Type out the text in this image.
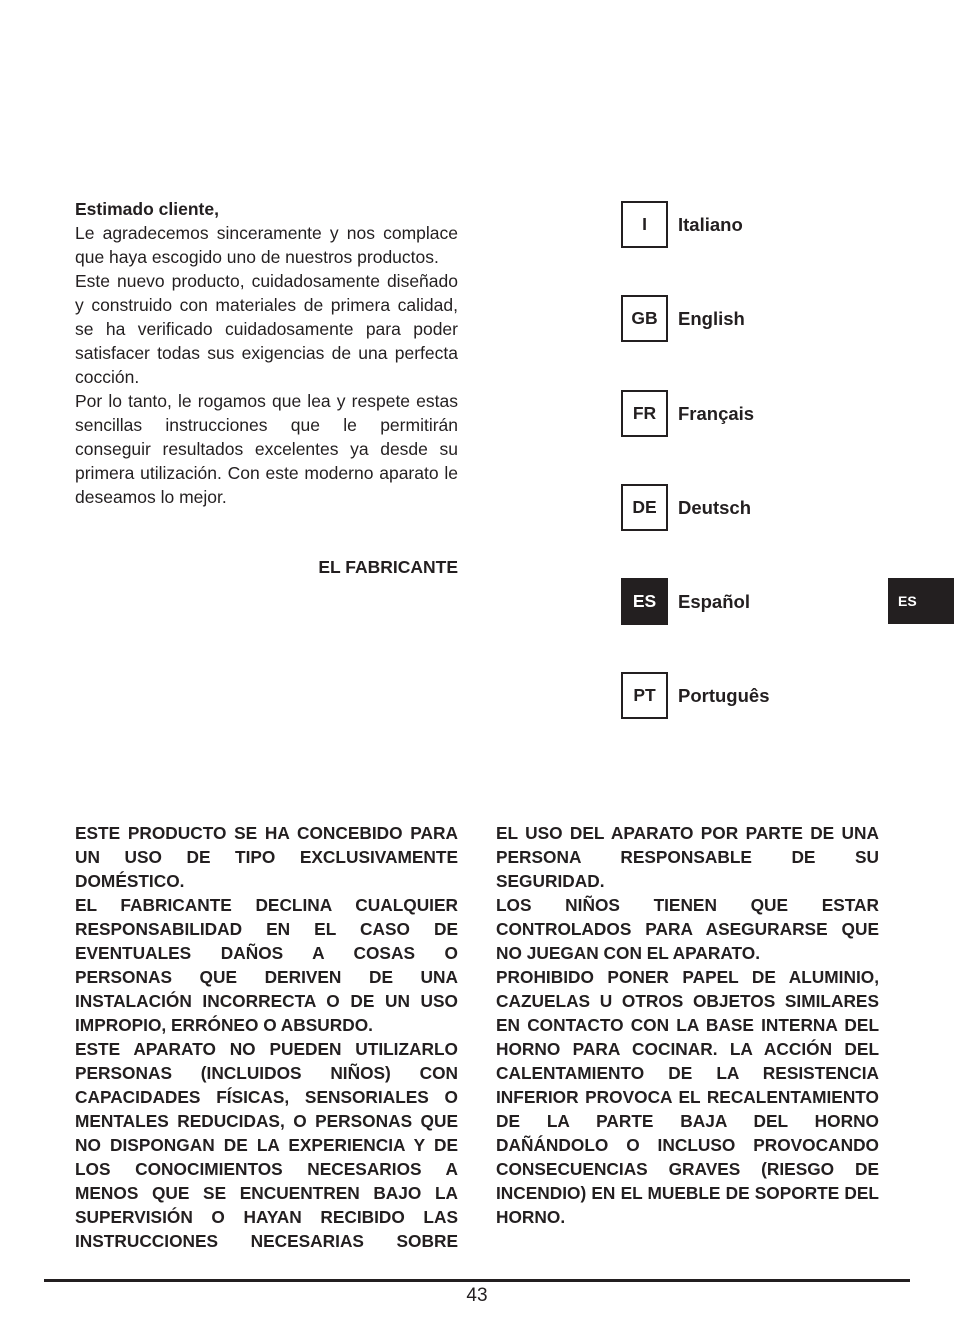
Estimado cliente,

Le agradecemos sinceramente y nos complace que haya escogido uno de nuestros productos.

Este nuevo producto, cuidadosamente diseñado y construido con materiales de primera calidad, se ha verificado cuidadosamente para poder satisfacer todas sus exigencias de una perfecta cocción.

Por lo tanto, le rogamos que lea y respete estas sencillas instrucciones que le permitirán conseguir resultados excelentes ya desde su primera utilización. Con este moderno aparato le deseamos lo mejor.

EL FABRICANTE
I	Italiano
GB	English
FR	Français
DE	Deutsch
ES	Español
PT	Português
ES

ESTE PRODUCTO SE HA CONCEBIDO PARA UN USO DE TIPO EXCLUSIVAMENTE DOMÉSTICO.

EL FABRICANTE DECLINA CUALQUIER RESPONSABILIDAD EN EL CASO DE EVENTUALES DAÑOS A COSAS O PERSONAS QUE DERIVEN DE UNA INSTALACIÓN INCORRECTA O DE UN USO IMPROPIO, ERRÓNEO O ABSURDO.

ESTE APARATO NO PUEDEN UTILIZARLO PERSONAS (INCLUIDOS NIÑOS) CON CAPACIDADES FÍSICAS, SENSORIALES O MENTALES REDUCIDAS, O PERSONAS QUE NO DISPONGAN DE LA EXPERIENCIA Y DE LOS CONOCIMIENTOS NECESARIOS A MENOS QUE SE ENCUENTREN BAJO LA SUPERVISIÓN O HAYAN RECIBIDO LAS INSTRUCCIONES NECESARIAS SOBRE

EL USO DEL APARATO POR PARTE DE UNA PERSONA RESPONSABLE DE SU SEGURIDAD.

LOS NIÑOS TIENEN QUE ESTAR CONTROLADOS PARA ASEGURARSE QUE NO JUEGAN CON EL APARATO.

PROHIBIDO PONER PAPEL DE ALUMINIO, CAZUELAS U OTROS OBJETOS SIMILARES EN CONTACTO CON LA BASE INTERNA DEL HORNO PARA COCINAR. LA ACCIÓN DEL CALENTAMIENTO DE LA RESISTENCIA INFERIOR PROVOCA EL RECALENTAMIENTO DE LA PARTE BAJA DEL HORNO DAÑÁNDOLO O INCLUSO PROVOCANDO CONSECUENCIAS GRAVES (RIESGO DE INCENDIO) EN EL MUEBLE DE SOPORTE DEL HORNO.

43
